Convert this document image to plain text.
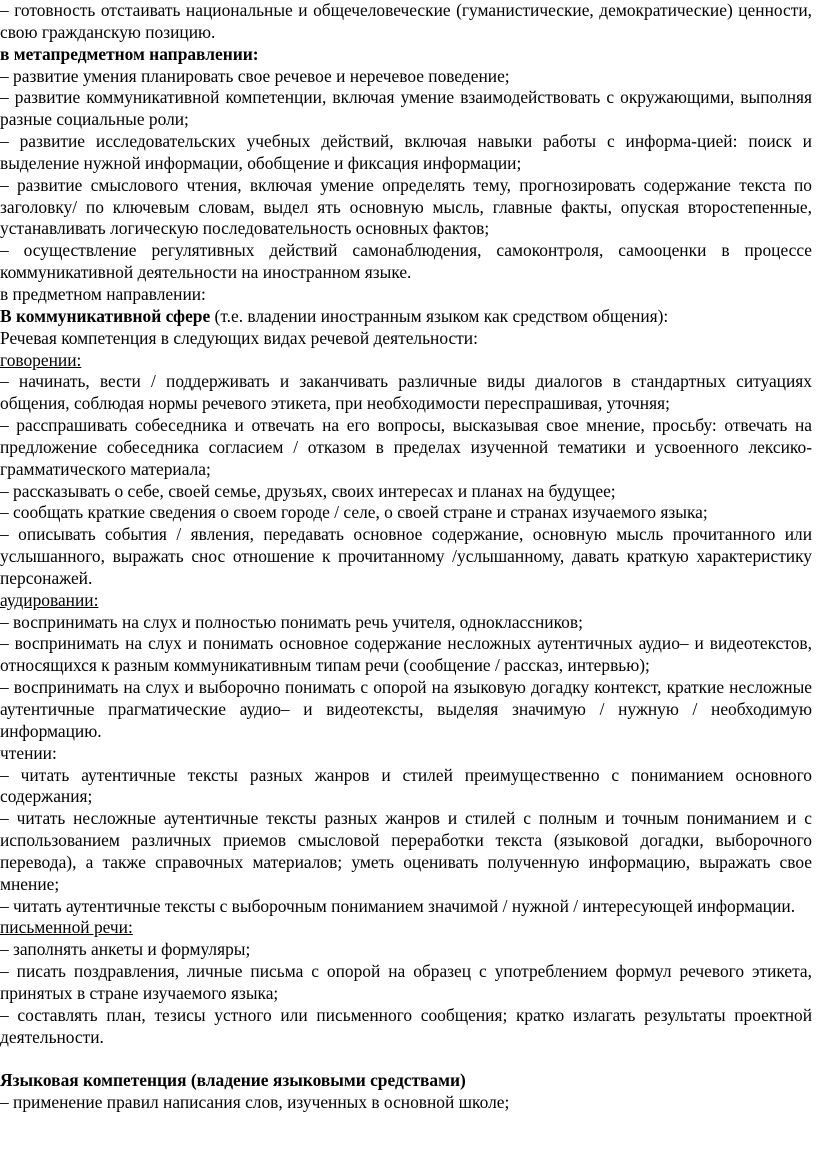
– готовность отстаивать национальные и общечеловеческие (гуманистические, демократические) ценности, свою гражданскую позицию.

в метапредметном направлении:

– развитие умения планировать свое речевое и неречевое поведение;

– развитие коммуникативной компетенции, включая умение взаимодействовать с окружающими, выполняя разные социальные роли;

– развитие исследовательских учебных действий, включая навыки работы с информа-цией: поиск и выделение нужной информации, обобщение и фиксация информации;

– развитие смыслового чтения, включая умение определять тему, прогнозировать содержание текста по заголовку/ по ключевым словам, выдел ять основную мысль, главные факты, опуская второстепенные, устанавливать логическую последовательность основных фактов;

– осуществление регулятивных действий самонаблюдения, самоконтроля, самооценки в процессе коммуникативной деятельности на иностранном языке.

в предметном направлении:

В коммуникативной сфере (т.е. владении иностранным языком как средством общения):

Речевая компетенция в следующих видах речевой деятельности:

говорении:

– начинать, вести / поддерживать и заканчивать различные виды диалогов в стандартных ситуациях общения, соблюдая нормы речевого этикета, при необходимости переспрашивая, уточняя;

– расспрашивать собеседника и отвечать на его вопросы, высказывая свое мнение, просьбу: отвечать на предложение собеседника согласием / отказом в пределах изученной тематики и усвоенного лексико-грамматического материала;

– рассказывать о себе, своей семье, друзьях, своих интересах и планах на будущее;

– сообщать краткие сведения о своем городе / селе, о своей стране и странах изучаемого языка;

– описывать события / явления, передавать основное содержание, основную мысль прочитанного или услышанного, выражать снос отношение к прочитанному /услышанному, давать краткую характеристику персонажей.

аудировании:

– воспринимать на слух и полностью понимать речь учителя, одноклассников;

– воспринимать на слух и понимать основное содержание несложных аутентичных аудио– и видеотекстов, относящихся к разным коммуникативным типам речи (сообщение / рассказ, интервью);

– воспринимать на слух и выборочно понимать с опорой на языковую догадку контекст, краткие несложные аутентичные прагматические аудио– и видеотексты, выделяя значимую / нужную / необходимую информацию.

чтении:

– читать аутентичные тексты разных жанров и стилей преимущественно с пониманием основного содержания;

– читать несложные аутентичные тексты разных жанров и стилей с полным и точным пониманием и с использованием различных приемов смысловой переработки текста (языковой догадки, выборочного перевода), а также справочных материалов; уметь оценивать полученную информацию, выражать свое мнение;

– читать аутентичные тексты с выборочным пониманием значимой / нужной / интересующей информации.

письменной речи:

– заполнять анкеты и формуляры;

– писать поздравления, личные письма с опорой на образец с употреблением формул речевого этикета, принятых в стране изучаемого языка;

– составлять план, тезисы устного или письменного сообщения; кратко излагать результаты проектной деятельности.

Языковая компетенция (владение языковыми средствами)

– применение правил написания слов, изученных в основной школе;
